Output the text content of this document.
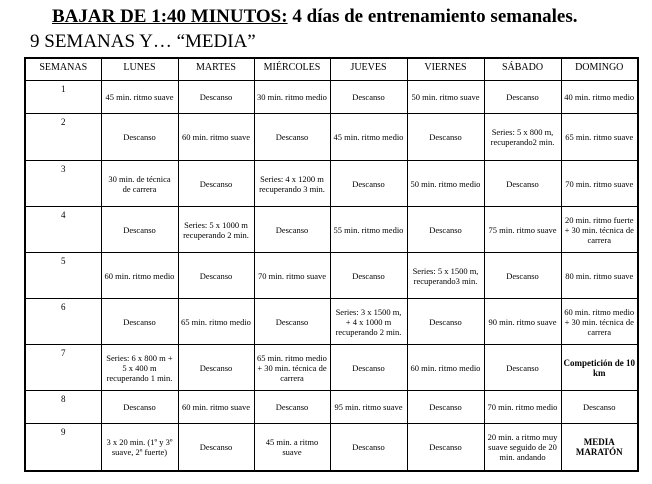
BAJAR DE 1:40 MINUTOS: 4 días de entrenamiento semanales.
9 SEMANAS Y… “MEDIA”
SEMANAS	LUNES	MARTES	MIÉRCOLES	JUEVES	VIERNES	SÁBADO	DOMINGO
1	45 min. ritmo suave	Descanso	30 min. ritmo medio	Descanso	50 min. ritmo suave	Descanso	40 min. ritmo medio
2	Descanso	60 min. ritmo suave	Descanso	45 min. ritmo medio	Descanso	Series: 5 x 800 m, recuperando2 min.	65 min. ritmo suave
3	30 min. de técnica de carrera	Descanso	Series: 4 x 1200 m recuperando 3 min.	Descanso	50 min. ritmo medio	Descanso	70 min. ritmo suave
4	Descanso	Series: 5 x 1000 m recuperando 2 min.	Descanso	55 min. ritmo medio	Descanso	75 min. ritmo suave	20 min. ritmo fuerte + 30 min. técnica de carrera
5	60 min. ritmo medio	Descanso	70 min. ritmo suave	Descanso	Series: 5 x 1500 m, recuperando3 min.	Descanso	80 min. ritmo suave
6	Descanso	65 min. ritmo medio	Descanso	Series: 3 x 1500 m, + 4 x 1000 m recuperando 2 min.	Descanso	90 min. ritmo suave	60 min. ritmo medio + 30 min. técnica de carrera
7	Series: 6 x 800 m + 5 x 400 m recuperando 1 min.	Descanso	65 min. ritmo medio + 30 min. técnica de carrera	Descanso	60 min. ritmo medio	Descanso	Competición de 10 km
8	Descanso	60 min. ritmo suave	Descanso	95 min. ritmo suave	Descanso	70 min. ritmo medio	Descanso
9	3 x 20 min. (1º y 3º suave, 2º fuerte)	Descanso	45 min. a ritmo suave	Descanso	Descanso	20 min. a ritmo muy suave seguido de 20 min. andando	MEDIA MARATÓN
